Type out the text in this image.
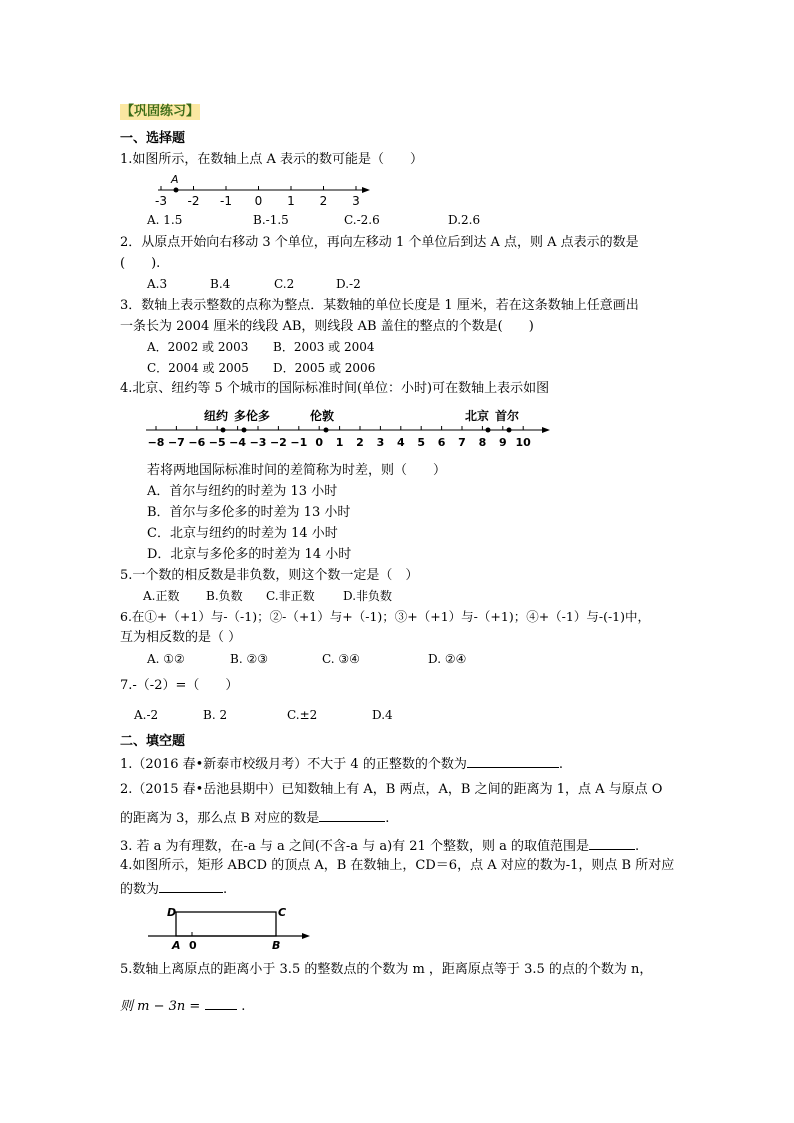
【巩固练习】
一、选择题
1.如图所示，在数轴上点 A 表示的数可能是（　　）
-3 -2 -1 0 1 2 3
A
A. 1.5	B.-1.5	C.-2.6	D.2.6
2．从原点开始向右移动 3 个单位，再向左移动 1 个单位后到达 A 点，则 A 点表示的数是
(　　).
A.3	B.4	C.2	D.-2
3．数轴上表示整数的点称为整点．某数轴的单位长度是 1 厘米，若在这条数轴上任意画出
一条长为 2004 厘米的线段 AB，则线段 AB 盖住的整点的个数是(　　)
A．2002 或 2003 B．2003 或 2004
C．2004 或 2005 D．2005 或 2006
4.北京、纽约等 5 个城市的国际标准时间(单位：小时)可在数轴上表示如图
纽约 多伦多	伦敦	北京 首尔
−8 −7 −6 −5 −4 −3 −2 −1 0 1 2 3 4 5 6 7 8 9 10
若将两地国际标准时间的差简称为时差，则（　　）
A．首尔与纽约的时差为 13 小时
B．首尔与多伦多的时差为 13 小时
C．北京与纽约的时差为 14 小时
D．北京与多伦多的时差为 14 小时
5.一个数的相反数是非负数，则这个数一定是（　）
A.正数 B.负数 C.非正数 D.非负数
6.在①+（+1）与-（-1)；②-（+1）与+（-1)；③+（+1）与-（+1)；④+（-1）与-(-1)中，
互为相反数的是（ ）
A. ①②	B. ②③	C. ③④	D. ②④
7.-（-2）=（　　）
A.-2	B. 2	C.±2	D.4
二、填空题
1.（2016 春•新泰市校级月考）不大于 4 的正整数的个数为	.
2.（2015 春•岳池县期中）已知数轴上有 A，B 两点，A，B 之间的距离为 1，点 A 与原点 O
的距离为 3，那么点 B 对应的数是	.
3. 若 a 为有理数，在-a 与 a 之间(不含-a 与 a)有 21 个整数，则 a 的取值范围是	.
4.如图所示，矩形 ABCD 的顶点 A，B 在数轴上，CD＝6，点 A 对应的数为-1，则点 B 所对应
的数为	.
D	C
A 0	B
5.数轴上离原点的距离小于 3.5 的整数点的个数为 m ，距离原点等于 3.5 的点的个数为 n，
则 m − 3n =	.
